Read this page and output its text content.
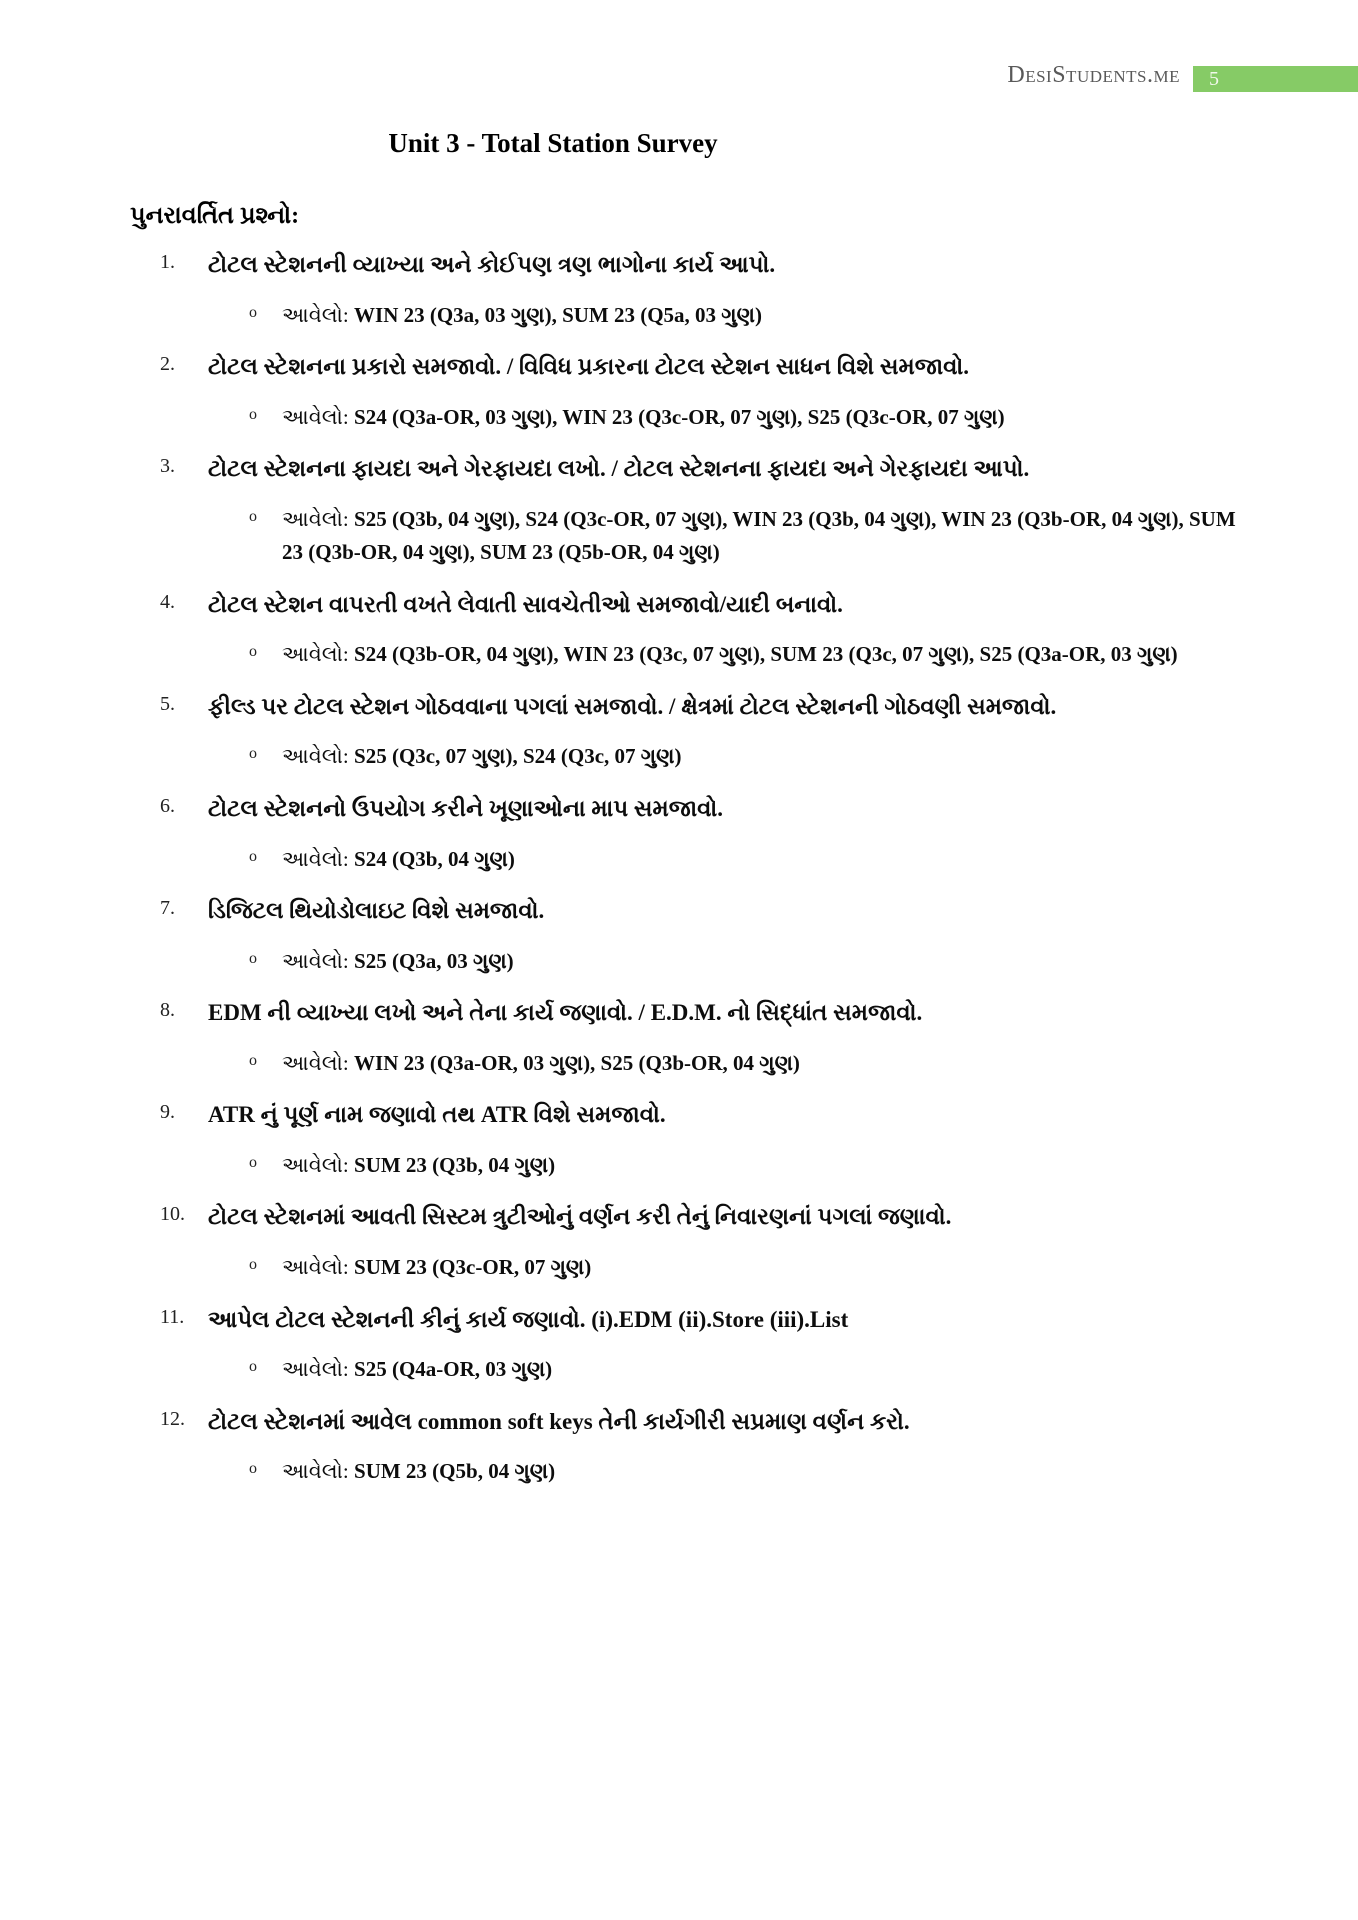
DesiStudents.me	5
Unit 3 - Total Station Survey
પુનરાવર્તિત પ્રશ્નો:
1.	ટોટલ સ્ટેશનની વ્યાખ્યા અને કોઈપણ ત્રણ ભાગોના કાર્ય આપો.
o	આવેલો: WIN 23 (Q3a, 03 ગુણ), SUM 23 (Q5a, 03 ગુણ)
2.	ટોટલ સ્ટેશનના પ્રકારો સમજાવો. / વિવિધ પ્રકારના ટોટલ સ્ટેશન સાધન વિશે સમજાવો.
o	આવેલો: S24 (Q3a-OR, 03 ગુણ), WIN 23 (Q3c-OR, 07 ગુણ), S25 (Q3c-OR, 07 ગુણ)
3.	ટોટલ સ્ટેશનના ફાયદા અને ગેરફાયદા લખો. / ટોટલ સ્ટેશનના ફાયદા અને ગેરફાયદા આપો.
o	આવેલો: S25 (Q3b, 04 ગુણ), S24 (Q3c-OR, 07 ગુણ), WIN 23 (Q3b, 04 ગુણ), WIN 23 (Q3b-OR, 04 ગુણ), SUM 23 (Q3b-OR, 04 ગુણ), SUM 23 (Q5b-OR, 04 ગુણ)
4.	ટોટલ સ્ટેશન વાપરતી વખતે લેવાતી સાવચેતીઓ સમજાવો/યાદી બનાવો.
o	આવેલો: S24 (Q3b-OR, 04 ગુણ), WIN 23 (Q3c, 07 ગુણ), SUM 23 (Q3c, 07 ગુણ), S25 (Q3a-OR, 03 ગુણ)
5.	ફીલ્ડ પર ટોટલ સ્ટેશન ગોઠવવાના પગલાં સમજાવો. / ક્ષેત્રમાં ટોટલ સ્ટેશનની ગોઠવણી સમજાવો.
o	આવેલો: S25 (Q3c, 07 ગુણ), S24 (Q3c, 07 ગુણ)
6.	ટોટલ સ્ટેશનનો ઉપયોગ કરીને ખૂણાઓના માપ સમજાવો.
o	આવેલો: S24 (Q3b, 04 ગુણ)
7.	ડિજિટલ થિયોડોલાઇટ વિશે સમજાવો.
o	આવેલો: S25 (Q3a, 03 ગુણ)
8.	EDM ની વ્યાખ્યા લખો અને તેના કાર્ય જણાવો. / E.D.M. નો સિદ્ધાંત સમજાવો.
o	આવેલો: WIN 23 (Q3a-OR, 03 ગુણ), S25 (Q3b-OR, 04 ગુણ)
9.	ATR નું પૂર્ણ નામ જણાવો તથ ATR વિશે સમજાવો.
o	આવેલો: SUM 23 (Q3b, 04 ગુણ)
10.	ટોટલ સ્ટેશનમાં આવતી સિસ્ટમ ત્રુટીઓનું વર્ણન કરી તેનું નિવારણનાં પગલાં જણાવો.
o	આવેલો: SUM 23 (Q3c-OR, 07 ગુણ)
11.	આપેલ ટોટલ સ્ટેશનની કીનું કાર્ય જણાવો. (i).EDM (ii).Store (iii).List
o	આવેલો: S25 (Q4a-OR, 03 ગુણ)
12.	ટોટલ સ્ટેશનમાં આવેલ common soft keys તેની કાર્યગીરી સપ્રમાણ વર્ણન કરો.
o	આવેલો: SUM 23 (Q5b, 04 ગુણ)
